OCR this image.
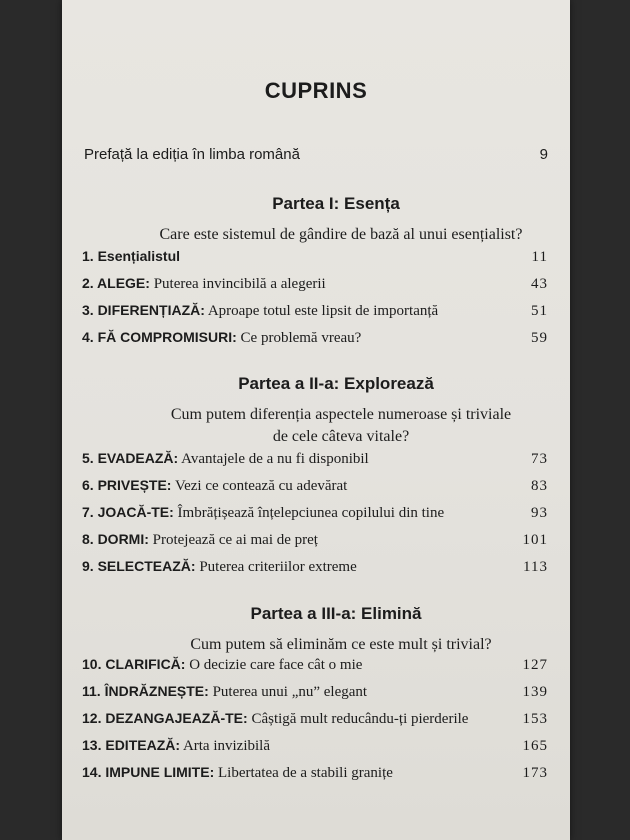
CUPRINS
Prefață la ediția în limba română	9
Partea I: Esența
Care este sistemul de gândire de bază al unui esențialist?
1. Esențialistul	11
2. ALEGE: Puterea invincibilă a alegerii	43
3. DIFERENȚIAZĂ: Aproape totul este lipsit de importanță	51
4. FĂ COMPROMISURI: Ce problemă vreau?	59
Partea a II-a: Explorează
Cum putem diferenția aspectele numeroase și triviale
de cele câteva vitale?
5. EVADEAZĂ: Avantajele de a nu fi disponibil	73
6. PRIVEȘTE: Vezi ce contează cu adevărat	83
7. JOACĂ-TE: Îmbrățișează înțelepciunea copilului din tine	93
8. DORMI: Protejează ce ai mai de preț	101
9. SELECTEAZĂ: Puterea criteriilor extreme	113
Partea a III-a: Elimină
Cum putem să eliminăm ce este mult și trivial?
10. CLARIFICĂ: O decizie care face cât o mie	127
11. ÎNDRĂZNEȘTE: Puterea unui „nu” elegant	139
12. DEZANGAJEAZĂ-TE: Câștigă mult reducându-ți pierderile	153
13. EDITEAZĂ: Arta invizibilă	165
14. IMPUNE LIMITE: Libertatea de a stabili granițe	173
